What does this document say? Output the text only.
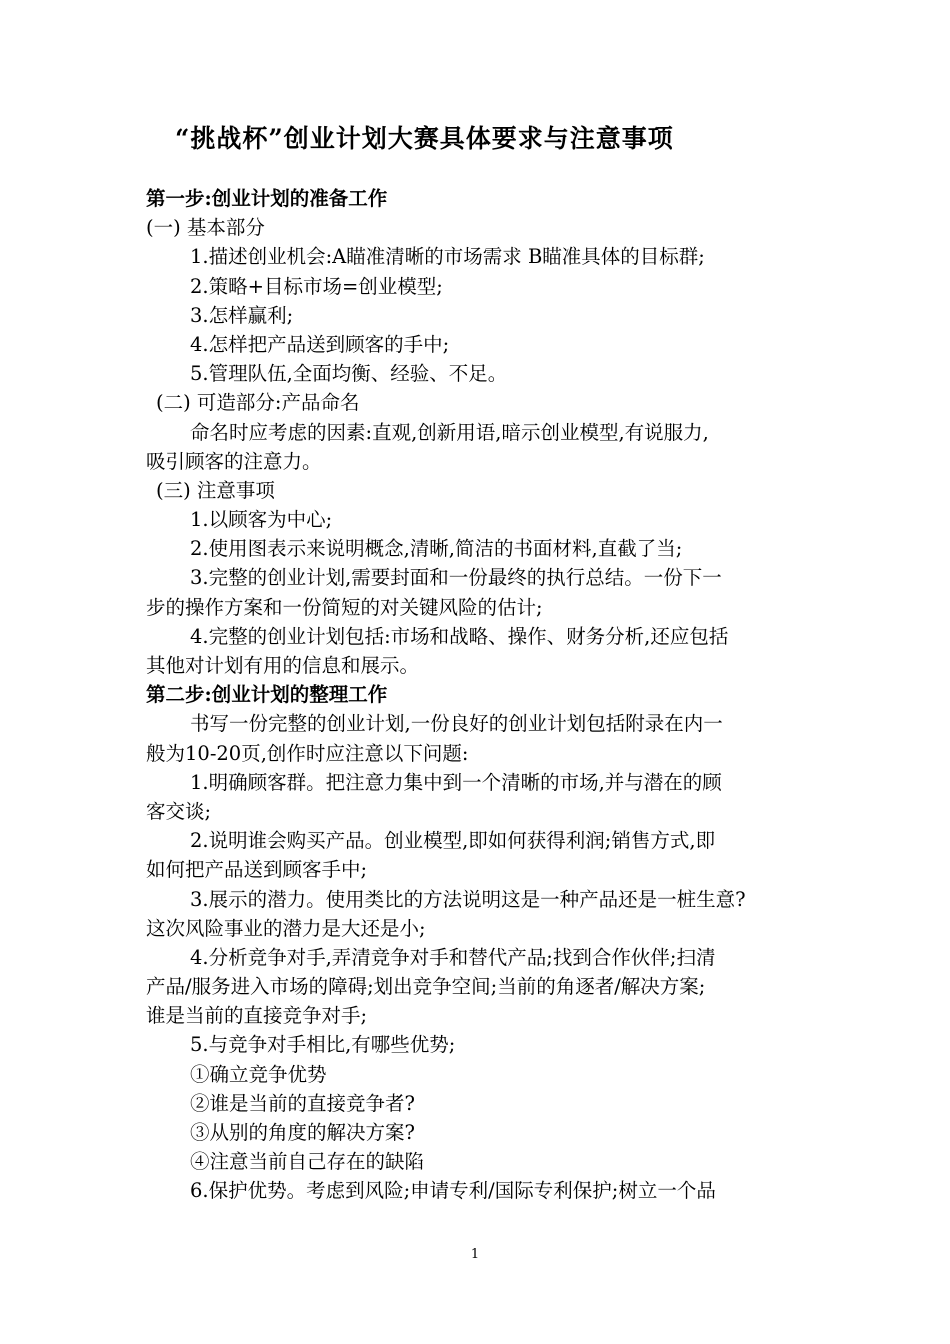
“挑战杯”创业计划大赛具体要求与注意事项
第一步:创业计划的准备工作
(一) 基本部分
1.描述创业机会:A瞄准清晰的市场需求 B瞄准具体的目标群;
2.策略+目标市场=创业模型;
3.怎样赢利;
4.怎样把产品送到顾客的手中;
5.管理队伍,全面均衡、经验、不足。
(二) 可造部分:产品命名
命名时应考虑的因素:直观,创新用语,暗示创业模型,有说服力,
吸引顾客的注意力。
(三) 注意事项
1.以顾客为中心;
2.使用图表示来说明概念,清晰,简洁的书面材料,直截了当;
3.完整的创业计划,需要封面和一份最终的执行总结。一份下一
步的操作方案和一份简短的对关键风险的估计;
4.完整的创业计划包括:市场和战略、操作、财务分析,还应包括
其他对计划有用的信息和展示。
第二步:创业计划的整理工作
书写一份完整的创业计划,一份良好的创业计划包括附录在内一
般为10-20页,创作时应注意以下问题:
1.明确顾客群。把注意力集中到一个清晰的市场,并与潜在的顾
客交谈;
2.说明谁会购买产品。创业模型,即如何获得利润;销售方式,即
如何把产品送到顾客手中;
3.展示的潜力。使用类比的方法说明这是一种产品还是一桩生意?
这次风险事业的潜力是大还是小;
4.分析竞争对手,弄清竞争对手和替代产品;找到合作伙伴;扫清
产品/服务进入市场的障碍;划出竞争空间;当前的角逐者/解决方案;
谁是当前的直接竞争对手;
5.与竞争对手相比,有哪些优势;
①确立竞争优势
②谁是当前的直接竞争者?
③从别的角度的解决方案?
④注意当前自己存在的缺陷
6.保护优势。考虑到风险;申请专利/国际专利保护;树立一个品
1
